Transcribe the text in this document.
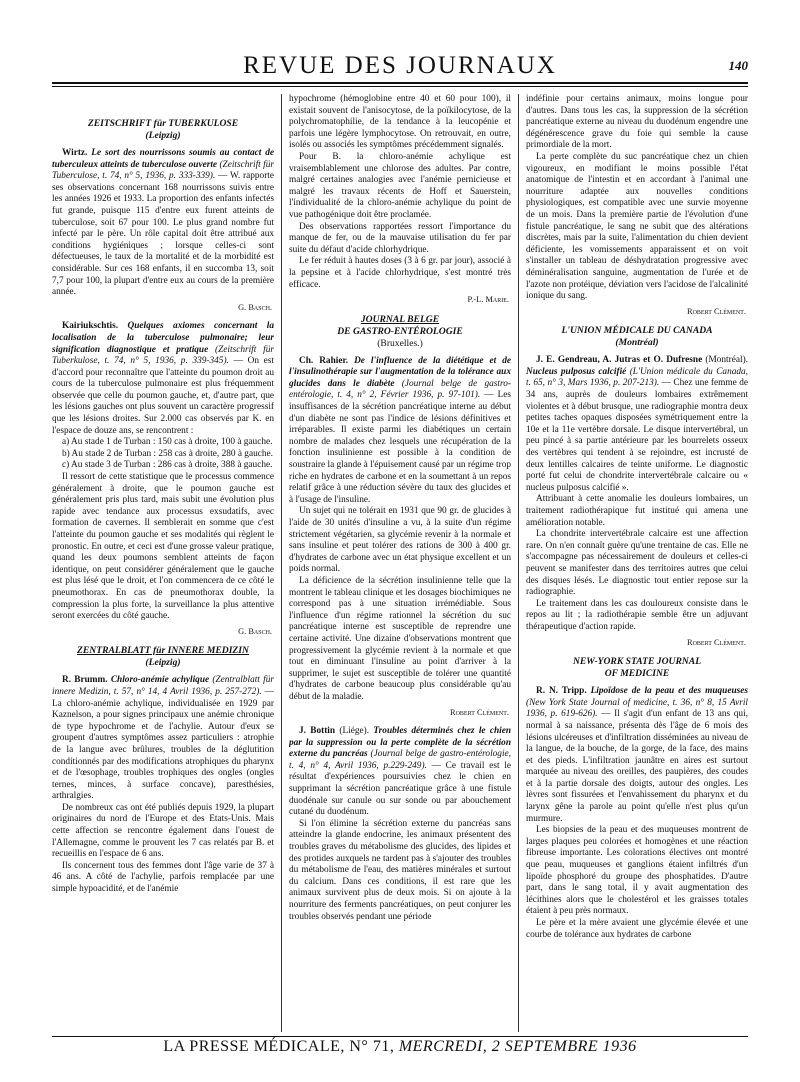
REVUE DES JOURNAUX	140
ZEITSCHRIFT für TUBERKULOSE
(Leipzig)

Wirtz. Le sort des nourrissons soumis au contact de tuberculeux atteints de tuberculose ouverte (Zeitschrift für Tuberculose, t. 74, n° 5, 1936, p. 333-339). — W. rapporte ses observations concernant 168 nourrissons suivis entre les années 1926 et 1933. La proportion des enfants infectés fut grande, puisque 115 d'entre eux furent atteints de tuberculose, soit 67 pour 100. Le plus grand nombre fut infecté par le père. Un rôle capital doit être attribué aux conditions hygiéniques ; lorsque celles-ci sont défectueuses, le taux de la mortalité et de la morbidité est considérable. Sur ces 168 enfants, il en succomba 13, soit 7,7 pour 100, la plupart d'entre eux au cours de la première année.

G. Basch.

Kairiukschtis. Quelques axiomes concernant la localisation de la tuberculose pulmonaire; leur signification diagnostique et pratique (Zeitschrift für Tuberkulose, t. 74, n° 5, 1936, p. 339-345). — On est d'accord pour reconnaître que l'atteinte du poumon droit au cours de la tuberculose pulmonaire est plus fréquemment observée que celle du poumon gauche, et, d'autre part, que les lésions gauches ont plus souvent un caractère progressif que les lésions droites. Sur 2.000 cas observés par K. en l'espace de douze ans, se rencontrent :

a) Au stade 1 de Turban : 150 cas à droite, 100 à gauche.

b) Au stade 2 de Turban : 258 cas à droite, 280 à gauche.

c) Au stade 3 de Turban : 286 cas à droite, 388 à gauche.

Il ressort de cette statistique que le processus commence généralement à droite, que le poumon gauche est généralement pris plus tard, mais subit une évolution plus rapide avec tendance aux processus exsudatifs, avec formation de cavernes. Il semblerait en somme que c'est l'atteinte du poumon gauche et ses modalités qui règlent le pronostic. En outre, et ceci est d'une grosse valeur pratique, quand les deux poumons semblent atteints de façon identique, on peut considérer généralement que le gauche est plus lésé que le droit, et l'on commencera de ce côté le pneumothorax. En cas de pneumothorax double, la compression la plus forte, la surveillance la plus attentive seront exercées du côté gauche.

G. Basch.
ZENTRALBLATT für INNERE MEDIZIN
(Leipzig)

R. Brumm. Chloro-anémie achylique (Zentralblatt für innere Medizin, t. 57, n° 14, 4 Avril 1936, p. 257-272). — La chloro-anémie achylique, individualisée en 1929 par Kaznelson, a pour signes principaux une anémie chronique de type hypochrome et de l'achylie. Autour d'eux se groupent d'autres symptômes assez particuliers : atrophie de la langue avec brûlures, troubles de la déglutition conditionnés par des modifications atrophiques du pharynx et de l'œsophage, troubles trophiques des ongles (ongles ternes, minces, à surface concave), paresthésies, arthralgies.

De nombreux cas ont été publiés depuis 1929, la plupart originaires du nord de l'Europe et des Etats-Unis. Mais cette affection se rencontre également dans l'ouest de l'Allemagne, comme le prouvent les 7 cas relatés par B. et recueillis en l'espace de 6 ans.

Ils concernent tous des femmes dont l'âge varie de 37 à 46 ans. A côté de l'achylie, parfois remplacée par une simple hypoacidité, et de l'anémie

hypochrome (hémoglobine entre 40 et 60 pour 100), il existait souvent de l'anisocytose, de la poïkilocytose, de la polychromatophilie, de la tendance à la leucopénie et parfois une légère lymphocytose. On retrouvait, en outre, isolés ou associés les symptômes précédemment signalés.

Pour B. la chloro-anémie achylique est vraisemblablement une chlorose des adultes. Par contre, malgré certaines analogies avec l'anémie pernicieuse et malgré les travaux récents de Hoff et Sauerstein, l'individualité de la chloro-anémie achylique du point de vue pathogénique doit être proclamée.

Des observations rapportées ressort l'importance du manque de fer, ou de la mauvaise utilisation du fer par suite du défaut d'acide chlorhydrique.

Le fer réduit à hautes doses (3 à 6 gr. par jour), associé à la pepsine et à l'acide chlorhydrique, s'est montré très efficace.

P.-L. Marie.
JOURNAL BELGE
DE GASTRO-ENTÉROLOGIE
(Bruxelles.)

Ch. Rahier. De l'influence de la diététique et de l'insulinothérapie sur l'augmentation de la tolérance aux glucides dans le diabète (Journal belge de gastro-entérologie, t. 4, n° 2, Février 1936, p. 97-101). — Les insuffisances de la sécrétion pancréatique interne au début d'un diabète ne sont pas l'indice de lésions définitives et irréparables. Il existe parmi les diabétiques un certain nombre de malades chez lesquels une récupération de la fonction insulinienne est possible à la condition de soustraire la glande à l'épuisement causé par un régime trop riche en hydrates de carbone et en la soumettant à un repos relatif grâce à une réduction sévère du taux des glucides et à l'usage de l'insuline.

Un sujet qui ne tolérait en 1931 que 90 gr. de glucides à l'aide de 30 unités d'insuline a vu, à la suite d'un régime strictement végétarien, sa glycémie revenir à la normale et sans insuline et peut tolérer des rations de 300 à 400 gr. d'hydrates de carbone avec un état physique excellent et un poids normal.

La déficience de la sécrétion insulinienne telle que la montrent le tableau clinique et les dosages biochimiques ne correspond pas à une situation irrémédiable. Sous l'influence d'un régime rationnel la sécrétion du suc pancréatique interne est susceptible de reprendre une certaine activité. Une dizaine d'observations montrent que progressivement la glycémie revient à la normale et que tout en diminuant l'insuline au point d'arriver à la supprimer, le sujet est susceptible de tolérer une quantité d'hydrates de carbone beaucoup plus considérable qu'au début de la maladie.

Robert Clément.

J. Bottin (Liége). Troubles déterminés chez le chien par la suppression ou la perte complète de la sécrétion externe du pancréas (Journal belge de gastro-entérologie, t. 4, n° 4, Avril 1936, p.229-249). — Ce travail est le résultat d'expériences poursuivies chez le chien en supprimant la sécrétion pancréatique grâce à une fistule duodénale sur canule ou sur sonde ou par abouchement cutané du duodénum.

Si l'on élimine la sécrétion externe du pancréas sans atteindre la glande endocrine, les animaux présentent des troubles graves du métabolisme des glucides, des lipides et des protides auxquels ne tardent pas à s'ajouter des troubles du métabolisme de l'eau, des matières minérales et surtout du calcium. Dans ces conditions, il est rare que les animaux survivent plus de deux mois. Si on ajoute à la nourriture des ferments pancréatiques, on peut conjurer les troubles observés pendant une période

indéfinie pour certains animaux, moins longue pour d'autres. Dans tous les cas, la suppression de la sécrétion pancréatique externe au niveau du duodénum engendre une dégénérescence grave du foie qui semble la cause primordiale de la mort.

La perte complète du suc pancréatique chez un chien vigoureux, en modifiant le moins possible l'état anatomique de l'intestin et en accordant à l'animal une nourriture adaptée aux nouvelles conditions physiologiques, est compatible avec une survie moyenne de un mois. Dans la première partie de l'évolution d'une fistule pancréatique, le sang ne subit que des altérations discrètes, mais par la suite, l'alimentation du chien devient déficiente, les vomissements apparaissent et on voit s'installer un tableau de déshydratation progressive avec déminéralisation sanguine, augmentation de l'urée et de l'azote non protéique, déviation vers l'acidose de l'alcalinité ionique du sang.

Robert Clément.
L'UNION MÉDICALE DU CANADA
(Montréal)

J. E. Gendreau, A. Jutras et O. Dufresne (Montréal). Nucleus pulposus calcifié (L'Union médicale du Canada, t. 65, n° 3, Mars 1936, p. 207-213). — Chez une femme de 34 ans, auprès de douleurs lombaires extrêmement violentes et à début brusque, une radiographie montra deux petites taches opaques disposées symétriquement entre la 10e et la 11e vertèbre dorsale. Le disque intervertébral, un peu pincé à sa partie antérieure par les bourrelets osseux des vertèbres qui tendent à se rejoindre, est incrusté de deux lentilles calcaires de teinte uniforme. Le diagnostic porté fut celui de chondrite intervertébrale calcaire ou « nucleus pulposus calcifié ».

Attribuant à cette anomalie les douleurs lombaires, un traitement radiothérapique fut institué qui amena une amélioration notable.

La chondrite intervertébrale calcaire est une affection rare. On n'en connaît guère qu'une trentaine de cas. Elle ne s'accompagne pas nécessairement de douleurs et celles-ci peuvent se manifester dans des territoires autres que celui des disques lésés. Le diagnostic tout entier repose sur la radiographie.

Le traitement dans les cas douloureux consiste dans le repos au lit ; la radiothérapie semble être un adjuvant thérapeutique d'action rapide.

Robert Clément.
NEW-YORK STATE JOURNAL
OF MEDICINE

R. N. Tripp. Lipoïdose de la peau et des muqueuses (New York State Journal of medicine, t. 36, n° 8, 15 Avril 1936, p. 619-626). — Il s'agit d'un enfant de 13 ans qui, normal à sa naissance, présenta dès l'âge de 6 mois des lésions ulcéreuses et d'infiltration disséminées au niveau de la langue, de la bouche, de la gorge, de la face, des mains et des pieds. L'infiltration jaunâtre en aires est surtout marquée au niveau des oreilles, des paupières, des coudes et à la partie dorsale des doigts, autour des ongles. Les lèvres sont fissurées et l'envahissement du pharynx et du larynx gêne la parole au point qu'elle n'est plus qu'un murmure.

Les biopsies de la peau et des muqueuses montrent de larges plaques peu colorées et homogènes et une réaction fibreuse importante. Les colorations électives ont montré que peau, muqueuses et ganglions étaient infiltrés d'un lipoïde phosphoré du groupe des phosphatides. D'autre part, dans le sang total, il y avait augmentation des lécithines alors que le cholestérol et les graisses totales étaient à peu près normaux.

Le père et la mère avaient une glycémie élevée et une courbe de tolérance aux hydrates de carbone

LA PRESSE MÉDICALE, N° 71, MERCREDI, 2 SEPTEMBRE 1936
